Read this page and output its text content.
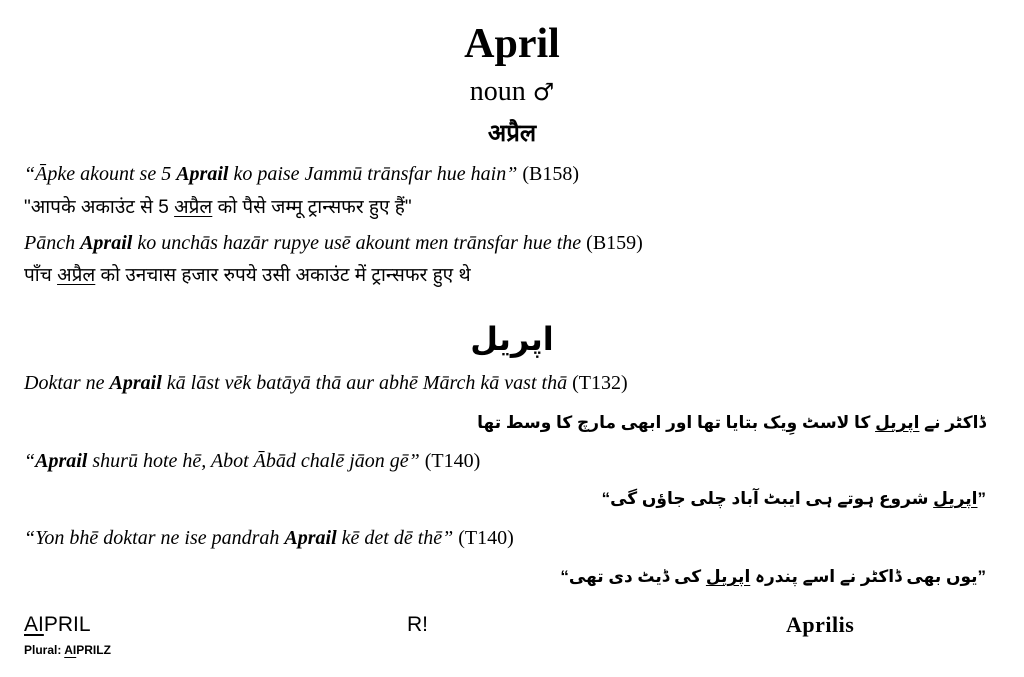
April
noun ♂
अप्रैल
“Āpke akount se 5 Aprail ko paise Jammū trānsfar hue hain” (B158)
"आपके अकाउंट से 5 अप्रैल को पैसे जम्मू ट्रान्सफर हुए हैं"
Pānch Aprail ko unchās hazār rupye usē akount men trānsfar hue the (B159)
पाँच अप्रैल को उनचास हजार रुपये उसी अकाउंट में ट्रान्सफर हुए थे
اپریل
Doktar ne Aprail kā lāst vēk batāyā thā aur abhē Mārch kā vast thā (T132)
ڈاکٹر نے اپریل کا لاسٹ وِیک بتایا تھا اور ابھی مارچ کا وسط تھا
“Aprail shurū hote hē, Abot Ābād chalē jāon gē” (T140)
”اپریل شروع ہوتے ہی ایبٹ آباد چلی جاؤں گی“
“Yon bhē doktar ne ise pandrah Aprail kē det dē thē” (T140)
”یوں بھی ڈاکٹر نے اسے پندرہ اپریل کی ڈیٹ دی تھی“
AIPRIL
Plural: AIPRILZ
R!	Aprilis
